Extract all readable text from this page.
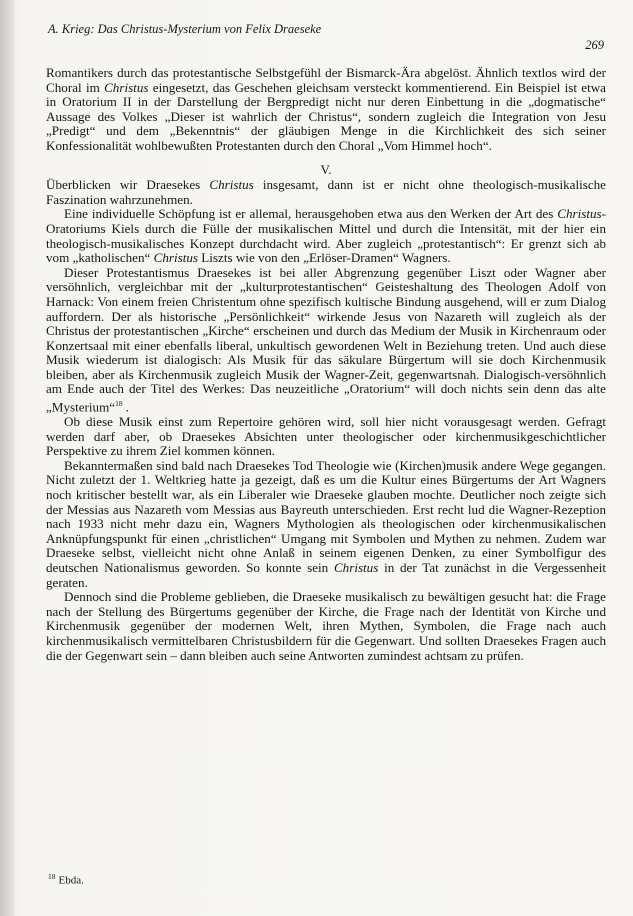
A. Krieg: Das Christus-Mysterium von Felix Draeseke
269

Romantikers durch das protestantische Selbstgefühl der Bismarck-Ära abgelöst. Ähnlich textlos wird der Choral im Christus eingesetzt, das Geschehen gleichsam versteckt kommentierend. Ein Beispiel ist etwa in Oratorium II in der Darstellung der Bergpredigt nicht nur deren Einbettung in die „dogmatische“ Aussage des Volkes „Dieser ist wahrlich der Christus“, sondern zugleich die Integration von Jesu „Predigt“ und dem „Bekenntnis“ der gläubigen Menge in die Kirchlichkeit des sich seiner Konfessionalität wohlbewußten Protestanten durch den Choral „Vom Himmel hoch“.

V.

Überblicken wir Draesekes Christus insgesamt, dann ist er nicht ohne theologisch-musikalische Faszination wahrzunehmen.

Eine individuelle Schöpfung ist er allemal, herausgehoben etwa aus den Werken der Art des Christus-Oratoriums Kiels durch die Fülle der musikalischen Mittel und durch die Intensität, mit der hier ein theologisch-musikalisches Konzept durchdacht wird. Aber zugleich „protestantisch“: Er grenzt sich ab vom „katholischen“ Christus Liszts wie von den „Erlöser-Dramen“ Wagners.

Dieser Protestantismus Draesekes ist bei aller Abgrenzung gegenüber Liszt oder Wagner aber versöhnlich, vergleichbar mit der „kulturprotestantischen“ Geisteshaltung des Theologen Adolf von Harnack: Von einem freien Christentum ohne spezifisch kultische Bindung ausgehend, will er zum Dialog auffordern. Der als historische „Persönlichkeit“ wirkende Jesus von Nazareth will zugleich als der Christus der protestantischen „Kirche“ erscheinen und durch das Medium der Musik in Kirchenraum oder Konzertsaal mit einer ebenfalls liberal, unkultisch gewordenen Welt in Beziehung treten. Und auch diese Musik wiederum ist dialogisch: Als Musik für das säkulare Bürgertum will sie doch Kirchenmusik bleiben, aber als Kirchenmusik zugleich Musik der Wagner-Zeit, gegenwartsnah. Dialogisch-versöhnlich am Ende auch der Titel des Werkes: Das neuzeitliche „Oratorium“ will doch nichts sein denn das alte „Mysterium“$^{18}$ .

Ob diese Musik einst zum Repertoire gehören wird, soll hier nicht vorausgesagt werden. Gefragt werden darf aber, ob Draesekes Absichten unter theologischer oder kirchenmusikgeschichtlicher Perspektive zu ihrem Ziel kommen können.

Bekanntermaßen sind bald nach Draesekes Tod Theologie wie (Kirchen)musik andere Wege gegangen. Nicht zuletzt der 1. Weltkrieg hatte ja gezeigt, daß es um die Kultur eines Bürgertums der Art Wagners noch kritischer bestellt war, als ein Liberaler wie Draeseke glauben mochte. Deutlicher noch zeigte sich der Messias aus Nazareth vom Messias aus Bayreuth unterschieden. Erst recht lud die Wagner-Rezeption nach 1933 nicht mehr dazu ein, Wagners Mythologien als theologischen oder kirchenmusikalischen Anknüpfungspunkt für einen „christlichen“ Umgang mit Symbolen und Mythen zu nehmen. Zudem war Draeseke selbst, vielleicht nicht ohne Anlaß in seinem eigenen Denken, zu einer Symbolfigur des deutschen Nationalismus geworden. So konnte sein Christus in der Tat zunächst in die Vergessenheit geraten.

Dennoch sind die Probleme geblieben, die Draeseke musikalisch zu bewältigen gesucht hat: die Frage nach der Stellung des Bürgertums gegenüber der Kirche, die Frage nach der Identität von Kirche und Kirchenmusik gegenüber der modernen Welt, ihren Mythen, Symbolen, die Frage nach auch kirchenmusikalisch vermittelbaren Christusbildern für die Gegenwart. Und sollten Draesekes Fragen auch die der Gegenwart sein – dann bleiben auch seine Antworten zumindest achtsam zu prüfen.

$^{18}$ Ebda.
